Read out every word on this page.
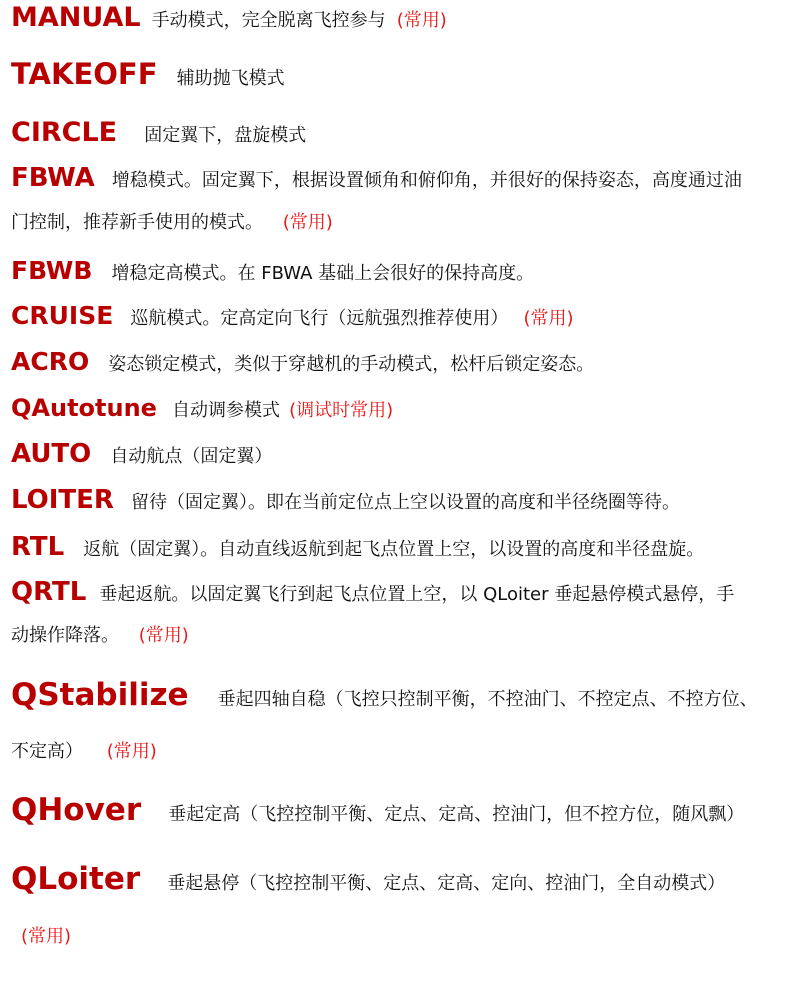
MANUAL 手动模式，完全脱离飞控参与 (常用)
TAKEOFF 辅助抛飞模式
CIRCLE 固定翼下，盘旋模式
FBWA 增稳模式。固定翼下，根据设置倾角和俯仰角，并很好的保持姿态，高度通过油
门控制，推荐新手使用的模式。 (常用)
FBWB 增稳定高模式。在 FBWA 基础上会很好的保持高度。
CRUISE 巡航模式。定高定向飞行（远航强烈推荐使用） (常用)
ACRO 姿态锁定模式，类似于穿越机的手动模式，松杆后锁定姿态。
QAutotune 自动调参模式 (调试时常用)
AUTO 自动航点（固定翼）
LOITER 留待（固定翼）。即在当前定位点上空以设置的高度和半径绕圈等待。
RTL 返航（固定翼）。自动直线返航到起飞点位置上空，以设置的高度和半径盘旋。
QRTL 垂起返航。以固定翼飞行到起飞点位置上空，以 QLoiter 垂起悬停模式悬停，手
动操作降落。 (常用)
QStabilize 垂起四轴自稳（飞控只控制平衡，不控油门、不控定点、不控方位、
不定高） (常用)
QHover 垂起定高（飞控控制平衡、定点、定高、控油门，但不控方位，随风飘）
QLoiter 垂起悬停（飞控控制平衡、定点、定高、定向、控油门，全自动模式）
(常用)
